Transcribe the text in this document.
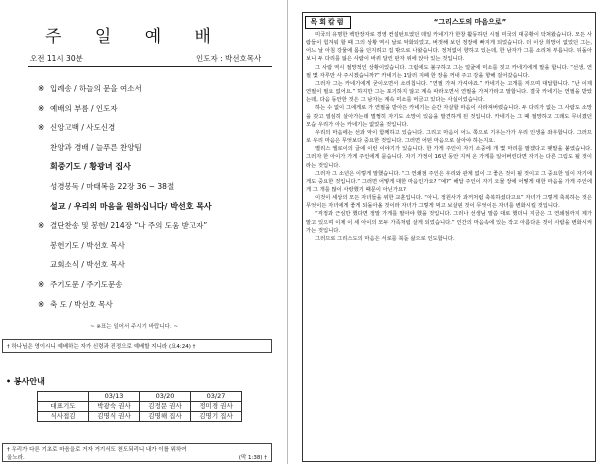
주 일 예 배
오전 11시 30분	인도자 : 박선호목사
※ 입례송 / 하늘의 문을 여소서
※ 예배의 부름 / 인도자
※ 신앙고백 / 사도신경
찬양과 경배 / 늘푸른 찬양팀
회중기도 / 황광녀 집사
성경봉독 / 마태복음 22장 36 ~ 38절
설교 / 우리의 마음을 원하십니다/ 박선호 목사
※ 결단찬송 및 봉헌/ 214장 “나 주의 도움 받고자”
봉헌기도 / 박선호 목사
교회소식 / 박선호 목사
※ 주기도문 / 주기도문송
※ 축 도 / 박선호 목사
~ ※표는 일어서 주시기 바랍니다. ~
† 하나님은 영이시니 예배하는 자가 신령과 진정으로 예배할 지니라 (요4:24) †
• 봉사안내
	03/13	03/20	03/27
대표기도	박광숙 권사	김정문 권사	정미경 권사
식사접김	김명식 권사	김명해 집사	김명기 집사
† 우리가 다른 기초로 마음을로 거자 거기서도 천도되리니 내가 이를 위하여
울노라.	(막 1:38) †
목회칼럼	“그리스도의 마음으로”

미국의 유명한 백만장자로 경영 컨설턴트였던 데일 카네기가 한창 활동하던 시절 미국의 대공황이 닥쳐왔습니다. 모든 사람들이 힘겨워 할 때 그의 상황 역시 날로 악화되었고, 버젓해 보던 정장에 빠지게 되었습니다. 더 이상 희망이 없었던 그는, 어느 날 아침 강물에 몸을 던지려고 집 밖으로 나왔습니다. 정처없이 향하고 있는데, 한 남자가 그를 소리쳐 부릅니다. 뒤돌아보니 두 다리를 잃은 사람이 바퀴 달린 판자 위에 앉아 있는 것입니다.

그 사람 역시 절망적인 상황이었습니다. 그럼에도 불구하고 그는 얼굴에 미소를 짓고 카네기에게 말을 합니다. “선생, 연필 몇 자루만 사 주시겠습니까?” 카네기는 1달러 지폐 한 장을 꺼내 주고 강을 향해 걸어갔습니다.

그러자 그는 카네기에게 굳이오면서 소리칩니다. “연필 가져 가셔야죠.” 카네기는 고개를 저으며 대답합니다. “난 이제 연필이 필요 없어요.” 하지만 그는 포기하지 않고 계속 따라오면서 연필을 가져가라고 말합니다. 결국 카네기는 연필을 받았는데, 다음 동안한 것은 그 남자는 계속 미소를 머금고 있다는 사실이었습니다.

하는 수 없이 그에게로 가 연필을 받아든 카네기는 순간 자살할 마음이 사라져버렸습니다. 두 다리가 없는 그 사람도 소망을 갖고 열심히 살아가는데 멀쩡히 자기도 소망이 있음을 발견하게 된 것입니다. 카네기는 그 때 절망하고 그래도 무너졌던 모습 우리가 아는 카네기는 없었을 것입니다.

우리의 마음에는 선과 악이 함께하고 있습니다. 그리고 마음이 어느 쪽으로 기우는가가 우리 인생을 좌우합니다. 그러므로 우리 마음은 무엇보다 중요한 것입니다. 그러면 어떤 마음으로 살아야 하는지요.

별리스 엘로이의 글에 이런 이야기가 있습니다. 한 가게 주인이 자기 소중에 개 몇 마리를 팔겠다고 팻말을 붙였습니다. 그러자 한 아이가 가게 주인에게 묻습니다. 자기 가정이 16년 동안 지켜 온 가게를 일어버린다면 자기는 다른 그림도 될 것이라는 것입니다.

그러자 그 소년은 이렇게 말했습니다. “그 연쇄점 주인은 우리와 관계 없이 그 좋은 것이 될 것이고 그 중요한 일이 자기에게도 중요한 것입니다.” 그러면 어떻게 대한 마음인가요? “예?” 해답 주인이 자기 오물 장에 어떻게 대한 마음을 가게 주인에게 그 개를 많이 사랑했기 때문이 아닌가요?

이것이 세상의 모든 자녀들을 위한 교훈입니다. “아니, 정원사가 과꺼처럼 축복하셨다고요” 자녀가 그렇게 축복하는 것은 무엇이든 자녀에게 좋게 되돌아올 것이라 자녀가 그렇게 먹고 보살핀 것이 무엇이든 자녀를 변화시킬 것입니다.

“걱정과 근심만 했다면 정말 가게를 팔아야 했을 것입니다. 그러나 선생님 말씀 대로 했더니 지금은 그 연쇄점까지 제가 맡고 있으며 이제 이 세 아이의 모두 가족처럼 살게 되었습니다.” 인간의 마음속에 있는 작고 아름다운 것이 사람을 변화시켜 가는 것입니다.

그러므로 그리스도의 마음은 서로를 북돋 삶으로 인도합니다.
